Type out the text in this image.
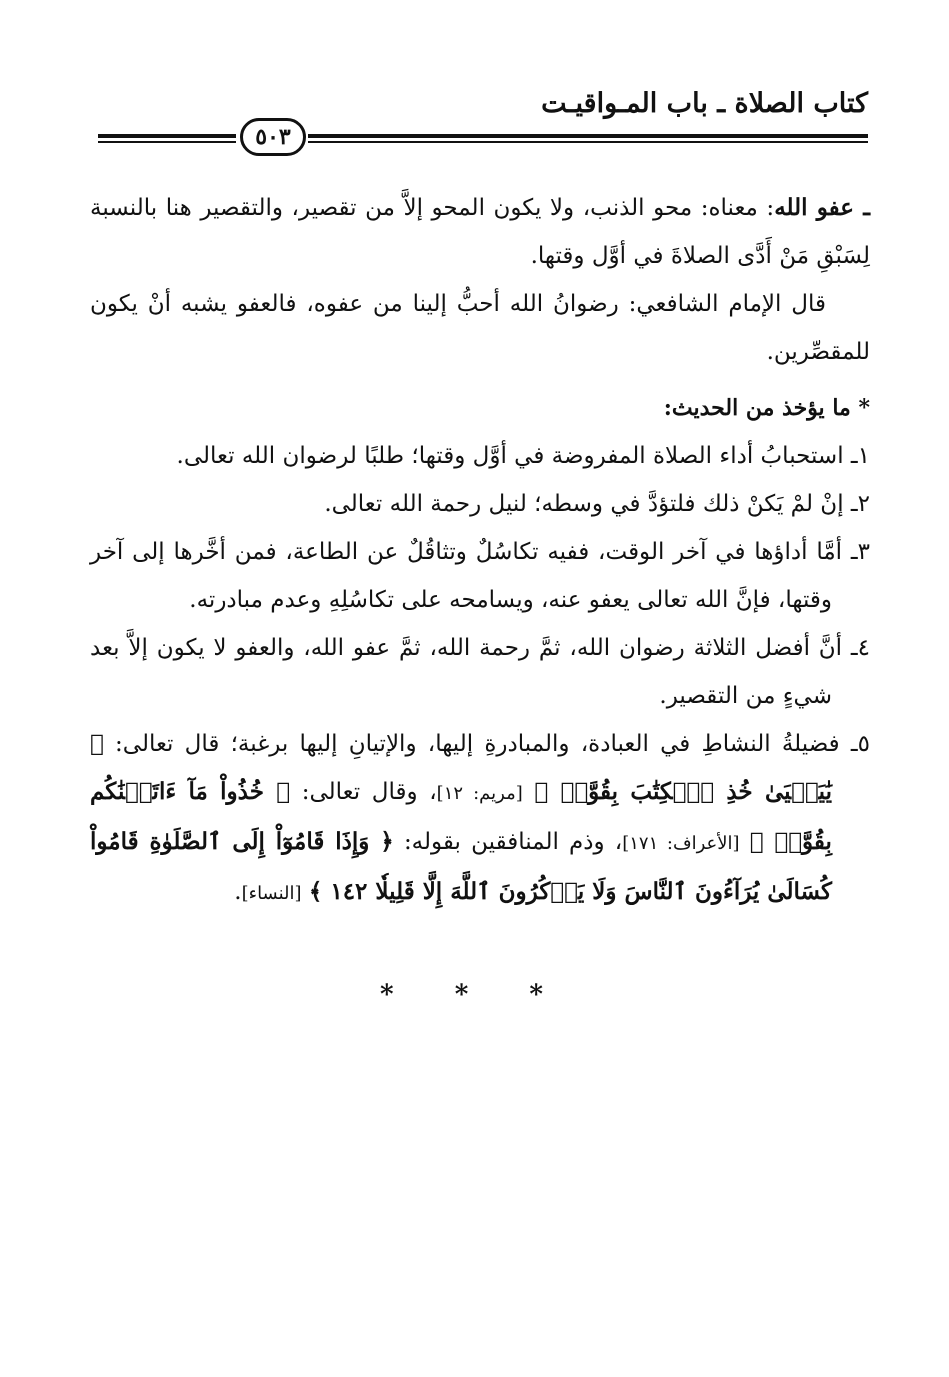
كتاب الصلاة ـ باب المـواقيـت
٥٠٣

ـ عفو الله: معناه: محو الذنب، ولا يكون المحو إلاَّ من تقصير، والتقصير هنا بالنسبة لِسَبْقِ مَنْ أَدَّى الصلاةَ في أوَّل وقتها.

قال الإمام الشافعي: رضوانُ الله أحبُّ إلينا من عفوه، فالعفو يشبه أنْ يكون للمقصِّرين.

* ما يؤخذ من الحديث:

١ـ استحبابُ أداء الصلاة المفروضة في أوَّل وقتها؛ طلبًا لرضوان الله تعالى.

٢ـ إنْ لمْ يَكنْ ذلك فلتؤدَّ في وسطه؛ لنيل رحمة الله تعالى.

٣ـ أمَّا أداؤها في آخر الوقت، ففيه تكاسُلٌ وتثاقُلٌ عن الطاعة، فمن أخَّرها إلى آخر وقتها، فإنَّ الله تعالى يعفو عنه، ويسامحه على تكاسُلِهِ وعدم مبادرته.

٤ـ أنَّ أفضل الثلاثة رضوان الله، ثمَّ رحمة الله، ثمَّ عفو الله، والعفو لا يكون إلاَّ بعد شيءٍ من التقصير.

٥ـ فضيلةُ النشاطِ في العبادة، والمبادرةِ إليها، والإتيانِ إليها برغبة؛ قال تعالى: ﴿ يَٰيَحۡيَىٰ خُذِ ٱلۡكِتَٰبَ بِقُوَّةٖ ﴾ [مريم: ١٢]، وقال تعالى: ﴿ خُذُواْ مَآ ءَاتَيۡنَٰكُم بِقُوَّةٖ ﴾ [الأعراف: ١٧١]، وذم المنافقين بقوله: ﴿ وَإِذَا قَامُوٓاْ إِلَى ٱلصَّلَوٰةِ قَامُواْ كُسَالَىٰ يُرَآءُونَ ٱلنَّاسَ وَلَا يَذۡكُرُونَ ٱللَّهَ إِلَّا قَلِيلٗا ١٤٢ ﴾ [النساء].

* * *
